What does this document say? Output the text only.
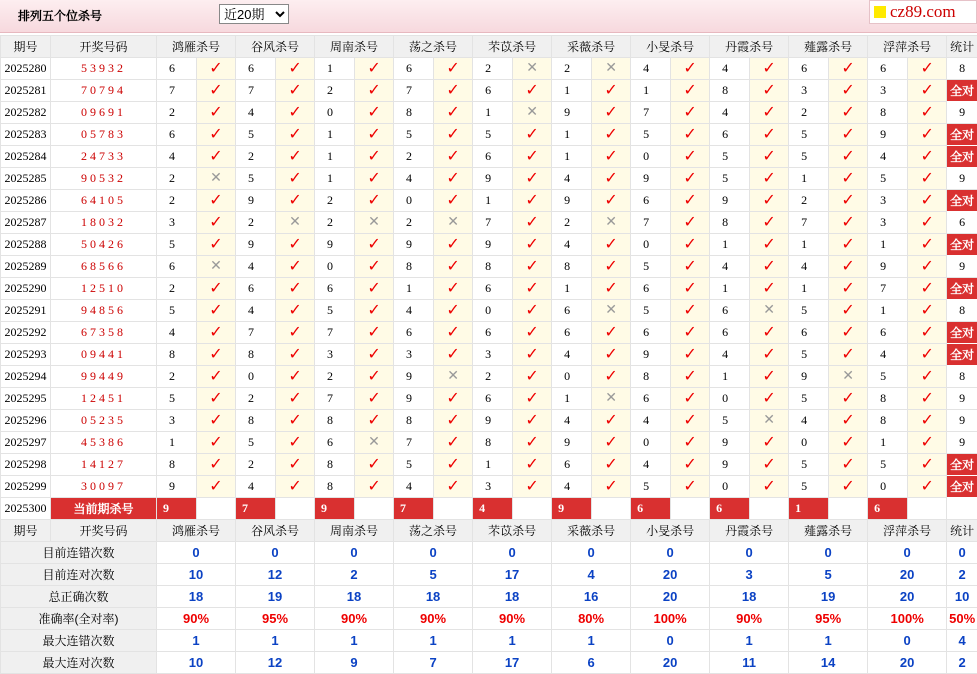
排列五个位杀号
近20期	cz89.com
期号	开奖号码	鸿雁杀号		谷风杀号		周南杀号		荡之杀号		芣苡杀号		采薇杀号		小旻杀号		丹霞杀号		薤露杀号		浮萍杀号		统计
2025280	53932	6	✓	6	✓	1	✓	6	✓	2	✕	2	✕	4	✓	4	✓	6	✓	6	✓	8
2025281	70794	7	✓	7	✓	2	✓	7	✓	6	✓	1	✓	1	✓	8	✓	3	✓	3	✓	全对
2025282	09691	2	✓	4	✓	0	✓	8	✓	1	✕	9	✓	7	✓	4	✓	2	✓	8	✓	9
2025283	05783	6	✓	5	✓	1	✓	5	✓	5	✓	1	✓	5	✓	6	✓	5	✓	9	✓	全对
2025284	24733	4	✓	2	✓	1	✓	2	✓	6	✓	1	✓	0	✓	5	✓	5	✓	4	✓	全对
2025285	90532	2	✕	5	✓	1	✓	4	✓	9	✓	4	✓	9	✓	5	✓	1	✓	5	✓	9
2025286	64105	2	✓	9	✓	2	✓	0	✓	1	✓	9	✓	6	✓	9	✓	2	✓	3	✓	全对
2025287	18032	3	✓	2	✕	2	✕	2	✕	7	✓	2	✕	7	✓	8	✓	7	✓	3	✓	6
2025288	50426	5	✓	9	✓	9	✓	9	✓	9	✓	4	✓	0	✓	1	✓	1	✓	1	✓	全对
2025289	68566	6	✕	4	✓	0	✓	8	✓	8	✓	8	✓	5	✓	4	✓	4	✓	9	✓	9
2025290	12510	2	✓	6	✓	6	✓	1	✓	6	✓	1	✓	6	✓	1	✓	1	✓	7	✓	全对
2025291	94856	5	✓	4	✓	5	✓	4	✓	0	✓	6	✕	5	✓	6	✕	5	✓	1	✓	8
2025292	67358	4	✓	7	✓	7	✓	6	✓	6	✓	6	✓	6	✓	6	✓	6	✓	6	✓	全对
2025293	09441	8	✓	8	✓	3	✓	3	✓	3	✓	4	✓	9	✓	4	✓	5	✓	4	✓	全对
2025294	99449	2	✓	0	✓	2	✓	9	✕	2	✓	0	✓	8	✓	1	✓	9	✕	5	✓	8
2025295	12451	5	✓	2	✓	7	✓	9	✓	6	✓	1	✕	6	✓	0	✓	5	✓	8	✓	9
2025296	05235	3	✓	8	✓	8	✓	8	✓	9	✓	4	✓	4	✓	5	✕	4	✓	8	✓	9
2025297	45386	1	✓	5	✓	6	✕	7	✓	8	✓	9	✓	0	✓	9	✓	0	✓	1	✓	9
2025298	14127	8	✓	2	✓	8	✓	5	✓	1	✓	6	✓	4	✓	9	✓	5	✓	5	✓	全对
2025299	30097	9	✓	4	✓	8	✓	4	✓	3	✓	4	✓	5	✓	0	✓	5	✓	0	✓	全对
2025300	当前期杀号	9		7		9		7		4		9		6		6		1		6		
期号	开奖号码	鸿雁杀号		谷风杀号		周南杀号		荡之杀号		芣苡杀号		采薇杀号		小旻杀号		丹霞杀号		薤露杀号		浮萍杀号		统计
目前连错次数		0		0		0		0		0		0		0		0		0		0		0
目前连对次数		10		12		2		5		17		4		20		3		5		20		2
总正确次数		18		19		18		18		18		16		20		18		19		20		10
准确率(全对率)		90%		95%		90%		90%		90%		80%		100%		90%		95%		100%		50%
最大连错次数		1		1		1		1		1		1		0		1		1		0		4
最大连对次数		10		12		9		7		17		6		20		11		14		20		2
